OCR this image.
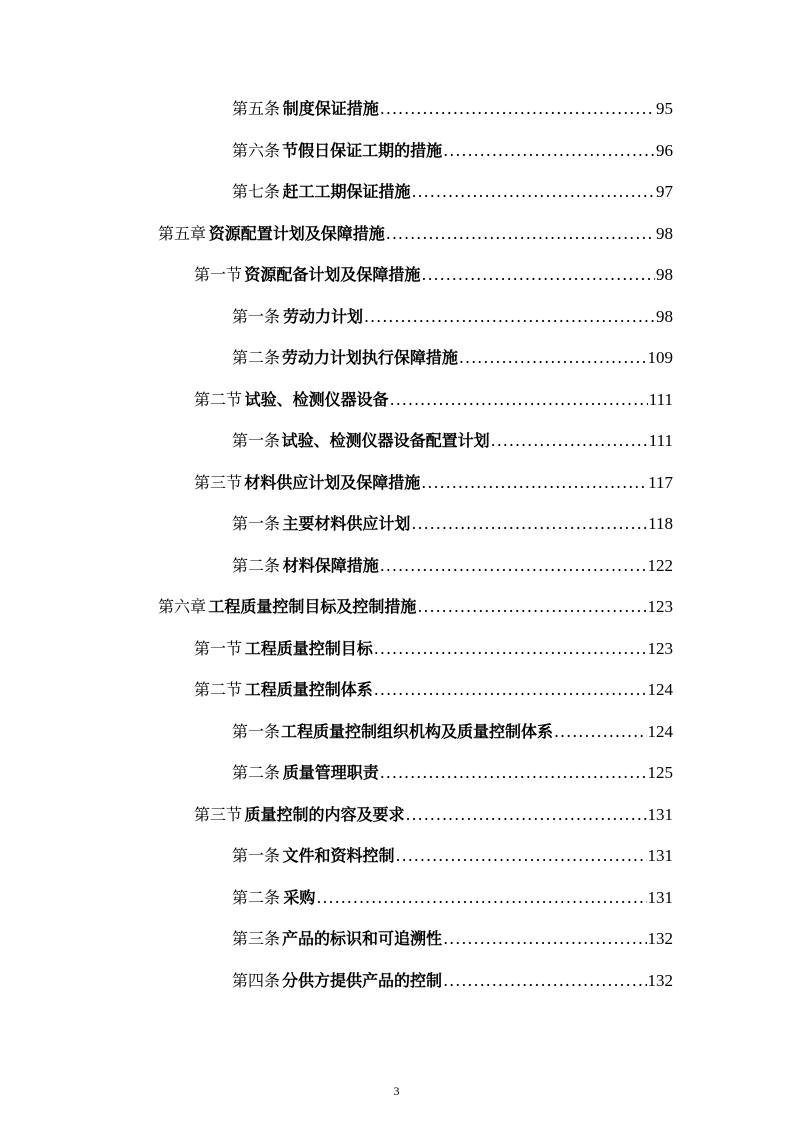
第五条 制度保证措施 .....	95
第六条 节假日保证工期的措施 .....	96
第七条 赶工工期保证措施 .....	97
第五章 资源配置计划及保障措施 .....	98
第一节 资源配备计划及保障措施 .....	98
第一条 劳动力计划 .....	98
第二条 劳动力计划执行保障措施 .....	109
第二节 试验、检测仪器设备 .....	111
第一条 试验、检测仪器设备配置计划 .....	111
第三节 材料供应计划及保障措施 .....	117
第一条 主要材料供应计划 .....	118
第二条 材料保障措施 .....	122
第六章 工程质量控制目标及控制措施 .....	123
第一节 工程质量控制目标 .....	123
第二节 工程质量控制体系 .....	124
第一条 工程质量控制组织机构及质量控制体系 .....	124
第二条 质量管理职责 .....	125
第三节 质量控制的内容及要求 .....	131
第一条 文件和资料控制 .....	131
第二条 采购 .....	131
第三条 产品的标识和可追溯性 .....	132
第四条 分供方提供产品的控制 .....	132
3
